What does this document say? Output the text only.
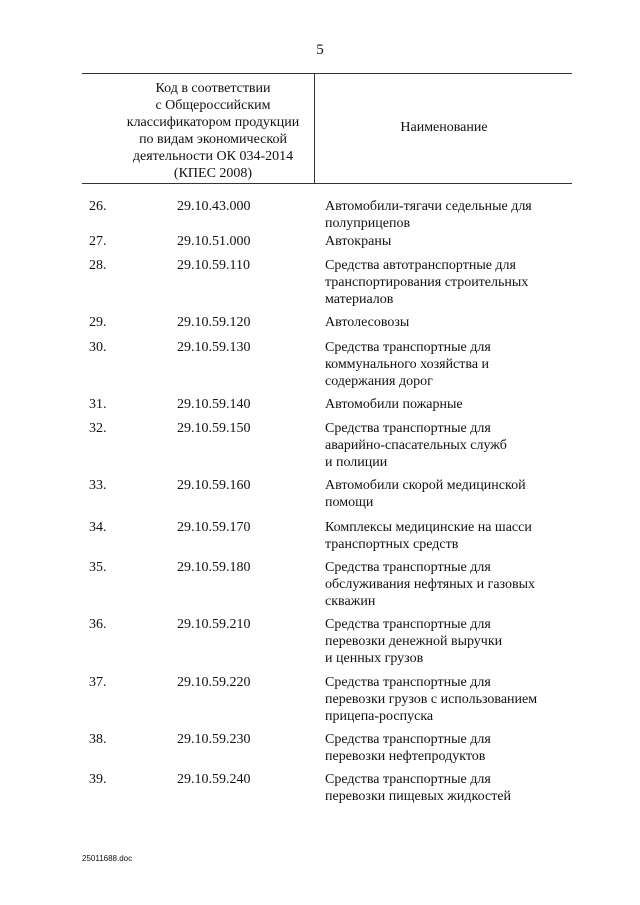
5
Код в соответствии
с Общероссийским
классификатором продукции
по видам экономической
деятельности ОК 034-2014
(КПЕС 2008)
Наименование
26.	29.10.43.000	Автомобили-тягачи седельные для
полуприцепов
27.	29.10.51.000	Автокраны
28.	29.10.59.110	Средства автотранспортные для
транспортирования строительных
материалов
29.	29.10.59.120	Автолесовозы
30.	29.10.59.130	Средства транспортные для
коммунального хозяйства и
содержания дорог
31.	29.10.59.140	Автомобили пожарные
32.	29.10.59.150	Средства транспортные для
аварийно-спасательных служб
и полиции
33.	29.10.59.160	Автомобили скорой медицинской
помощи
34.	29.10.59.170	Комплексы медицинские на шасси
транспортных средств
35.	29.10.59.180	Средства транспортные для
обслуживания нефтяных и газовых
скважин
36.	29.10.59.210	Средства транспортные для
перевозки денежной выручки
и ценных грузов
37.	29.10.59.220	Средства транспортные для
перевозки грузов с использованием
прицепа-роспуска
38.	29.10.59.230	Средства транспортные для
перевозки нефтепродуктов
39.	29.10.59.240	Средства транспортные для
перевозки пищевых жидкостей
25011688.doc
